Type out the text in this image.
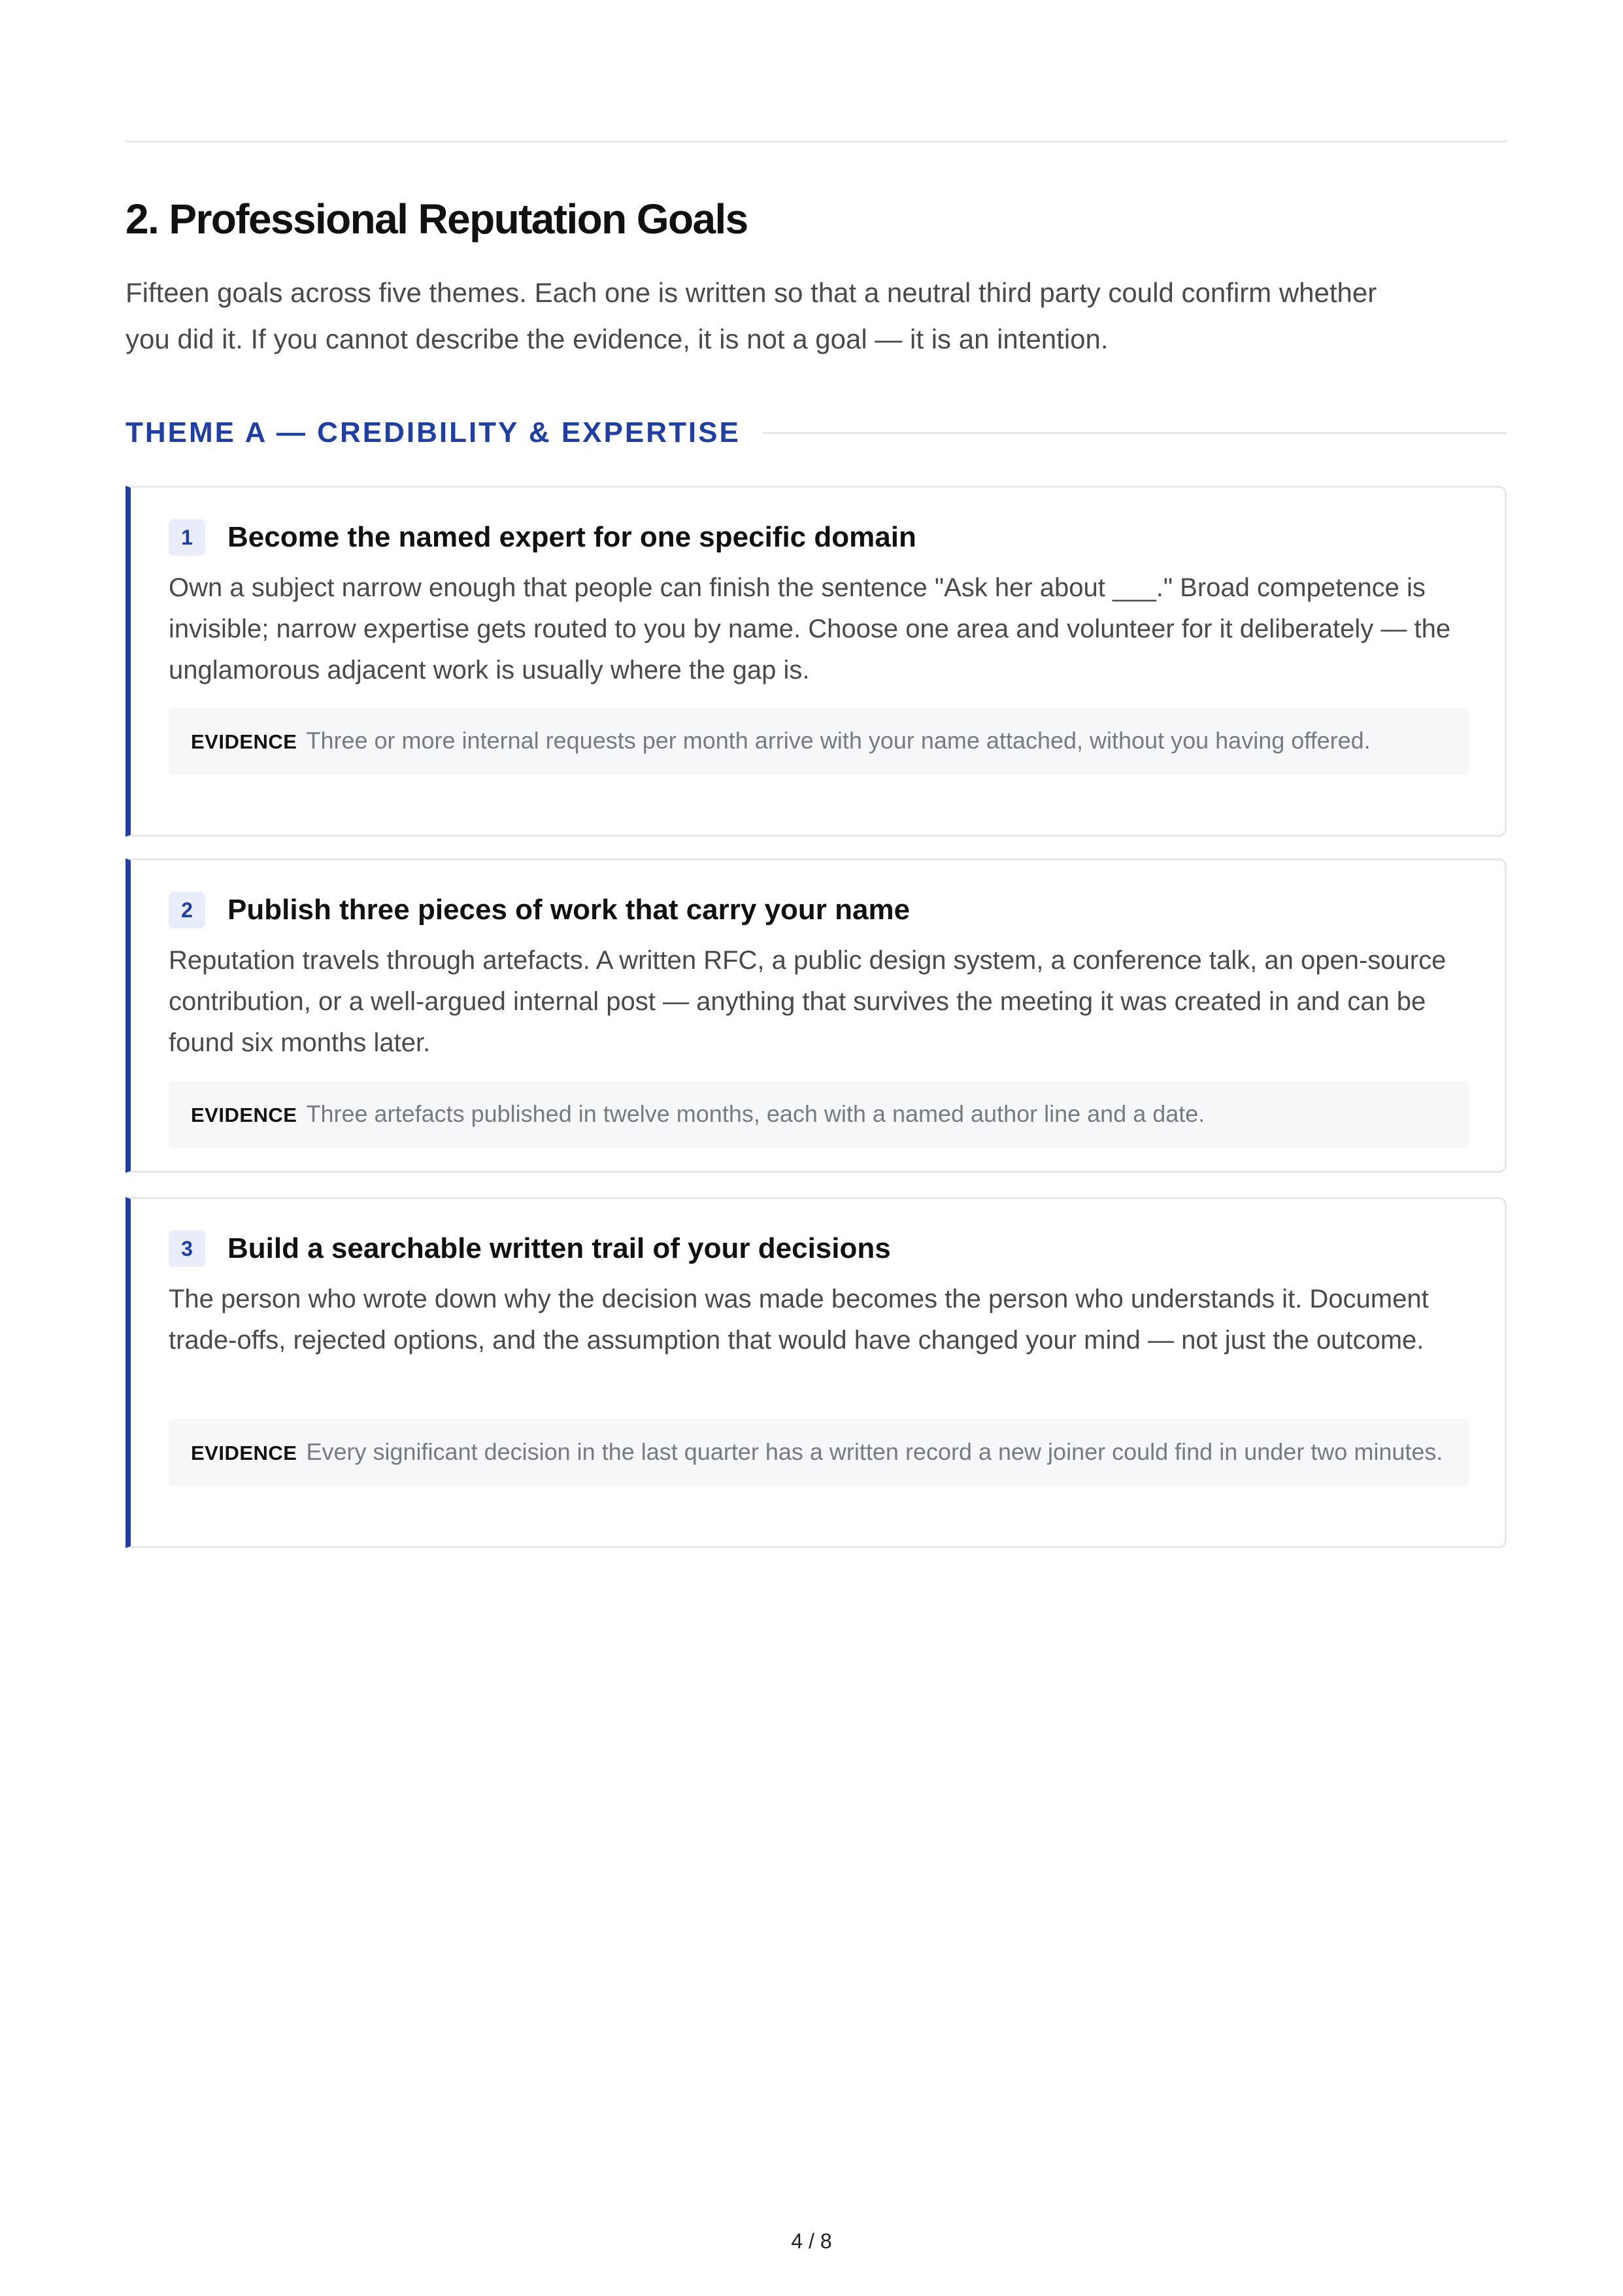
2. Professional Reputation Goals

Fifteen goals across five themes. Each one is written so that a neutral third party could confirm whether you did it. If you cannot describe the evidence, it is not a goal — it is an intention.

THEME A — CREDIBILITY & EXPERTISE
1	Become the named expert for one specific domain

Own a subject narrow enough that people can finish the sentence "Ask her about ___." Broad competence is invisible; narrow expertise gets routed to you by name. Choose one area and volunteer for it deliberately — the unglamorous adjacent work is usually where the gap is.

EVIDENCE Three or more internal requests per month arrive with your name attached, without you having offered.
2	Publish three pieces of work that carry your name

Reputation travels through artefacts. A written RFC, a public design system, a conference talk, an open-source contribution, or a well-argued internal post — anything that survives the meeting it was created in and can be found six months later.

EVIDENCE Three artefacts published in twelve months, each with a named author line and a date.
3	Build a searchable written trail of your decisions

The person who wrote down why the decision was made becomes the person who understands it. Document trade-offs, rejected options, and the assumption that would have changed your mind — not just the outcome.

EVIDENCE Every significant decision in the last quarter has a written record a new joiner could find in under two minutes.
4 / 8
